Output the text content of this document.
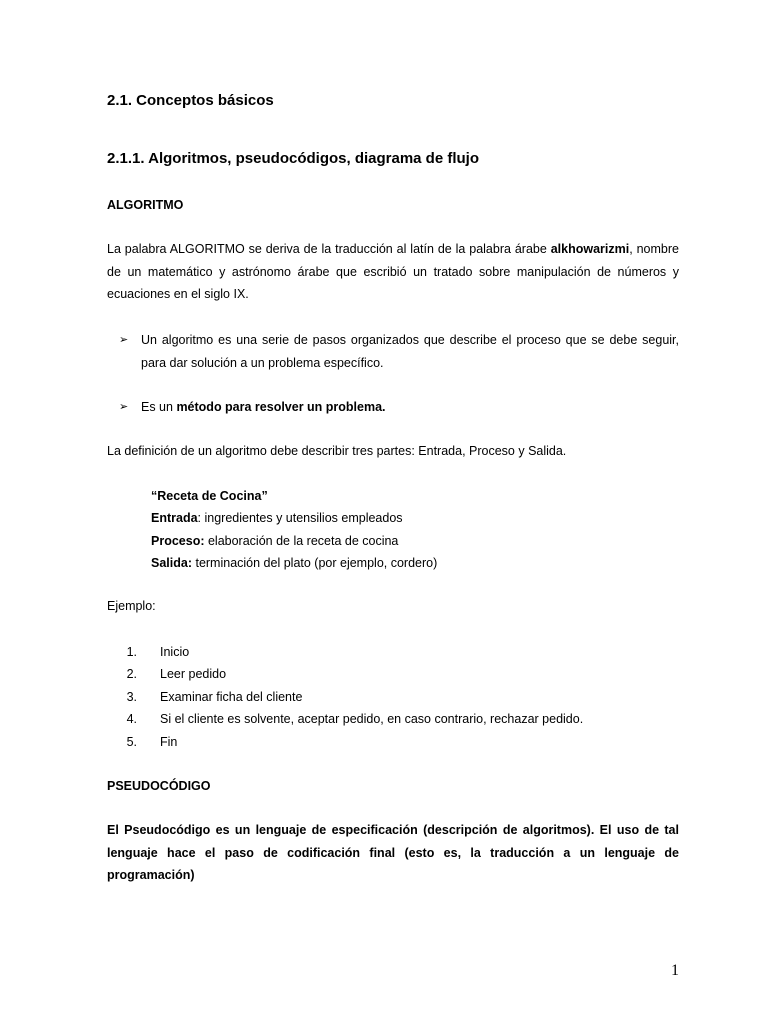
2.1. Conceptos básicos
2.1.1. Algoritmos, pseudocódigos, diagrama de flujo
ALGORITMO

La palabra ALGORITMO se deriva de la traducción al latín de la palabra árabe alkhowarizmi, nombre de un matemático y astrónomo árabe que escribió un tratado sobre manipulación de números y ecuaciones en el siglo IX.

➢	Un algoritmo es una serie de pasos organizados que describe el proceso que se debe seguir, para dar solución a un problema específico.
➢	Es un método para resolver un problema.
La definición de un algoritmo debe describir tres partes: Entrada, Proceso y Salida.
“Receta de Cocina”
Entrada: ingredientes y utensilios empleados
Proceso: elaboración de la receta de cocina
Salida: terminación del plato (por ejemplo, cordero)
Ejemplo:
1. Inicio
2. Leer pedido
3. Examinar ficha del cliente
4. Si el cliente es solvente, aceptar pedido, en caso contrario, rechazar pedido.
5. Fin
PSEUDOCÓDIGO

El Pseudocódigo es un lenguaje de especificación (descripción de algoritmos). El uso de tal lenguaje hace el paso de codificación final (esto es, la traducción a un lenguaje de programación)

1
